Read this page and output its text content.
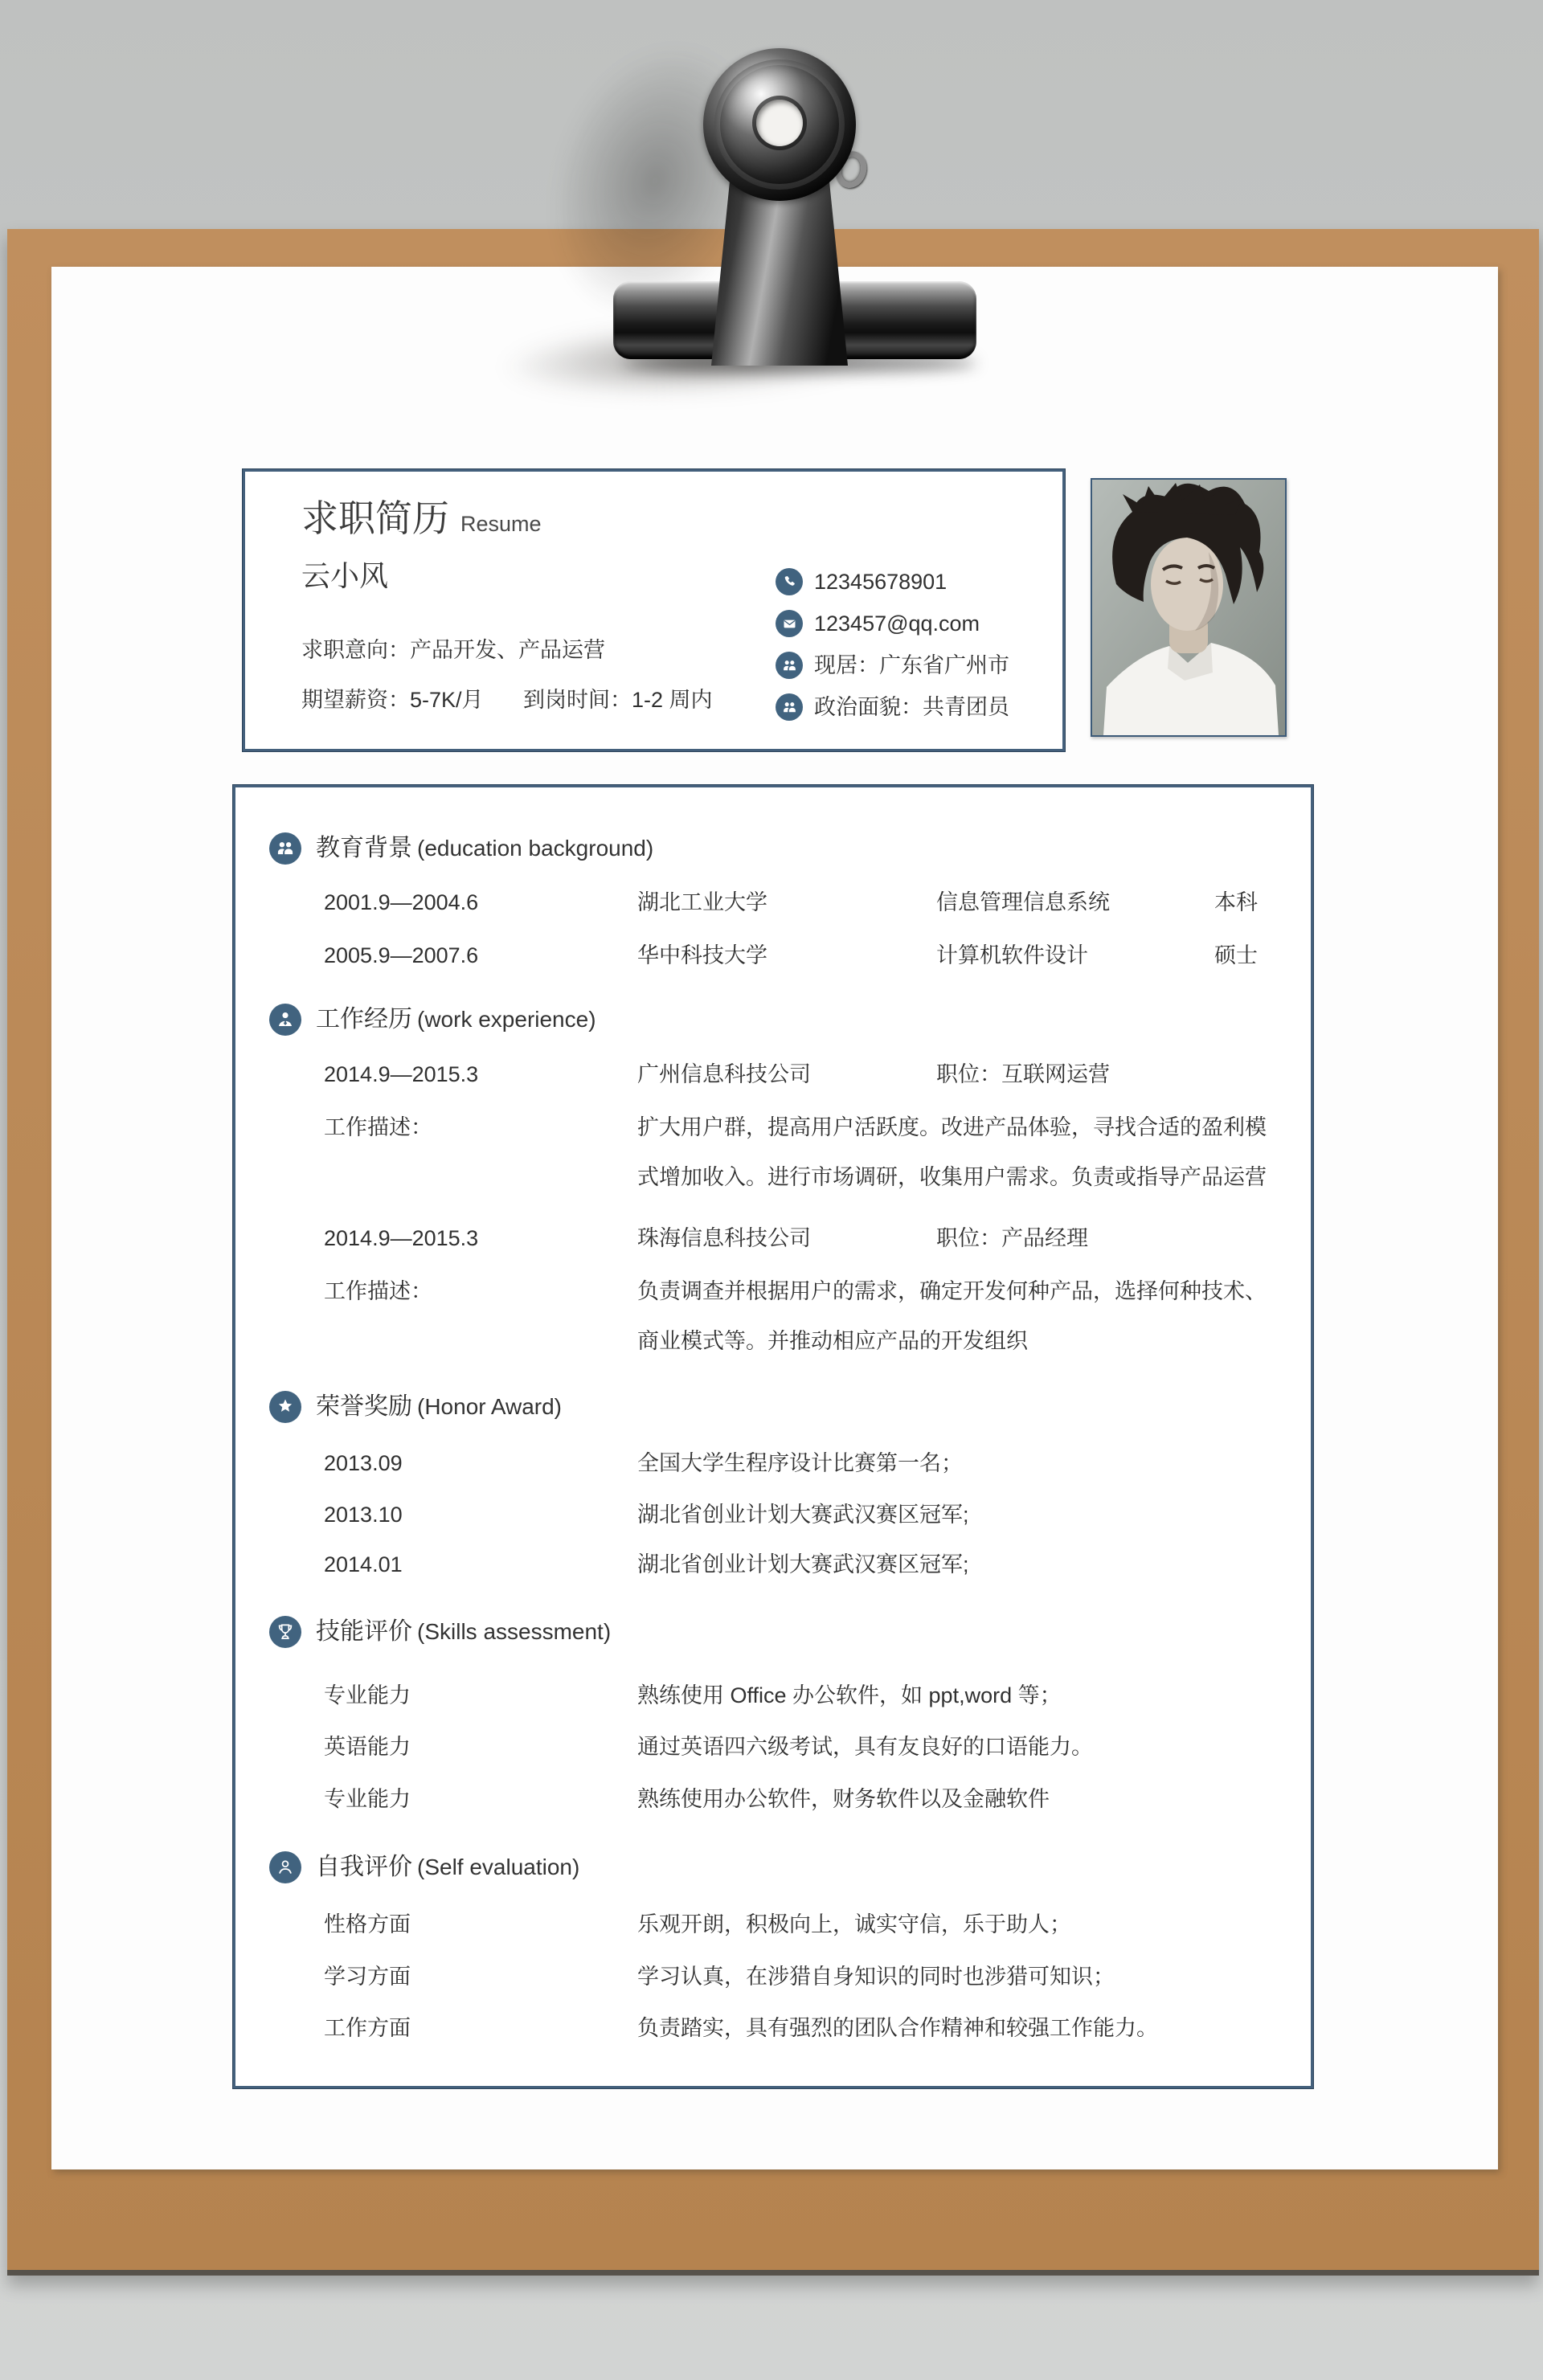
求职简历 Resume
云小风
求职意向：产品开发、产品运营
期望薪资：5-7K/月 到岗时间：1-2 周内
12345678901
123457@qq.com
现居：广东省广州市
政治面貌：共青团员
教育背景 (education background)
2001.9—2004.6	湖北工业大学	信息管理信息系统	本科
2005.9—2007.6	华中科技大学	计算机软件设计	硕士
工作经历 (work experience)
2014.9—2015.3	广州信息科技公司	职位：互联网运营
工作描述：	扩大用户群，提高用户活跃度。改进产品体验，寻找合适的盈利模式增加收入。进行市场调研，收集用户需求。负责或指导产品运营
2014.9—2015.3	珠海信息科技公司	职位：产品经理
工作描述：	负责调查并根据用户的需求，确定开发何种产品，选择何种技术、商业模式等。并推动相应产品的开发组织
荣誉奖励 (Honor Award)
2013.09	全国大学生程序设计比赛第一名；
2013.10	湖北省创业计划大赛武汉赛区冠军;
2014.01	湖北省创业计划大赛武汉赛区冠军;
技能评价 (Skills assessment)
专业能力	熟练使用 Office 办公软件，如 ppt,word 等；
英语能力	通过英语四六级考试，具有友良好的口语能力。
专业能力	熟练使用办公软件，财务软件以及金融软件
自我评价 (Self evaluation)
性格方面	乐观开朗，积极向上，诚实守信，乐于助人；
学习方面	学习认真，在涉猎自身知识的同时也涉猎可知识；
工作方面	负责踏实，具有强烈的团队合作精神和较强工作能力。
